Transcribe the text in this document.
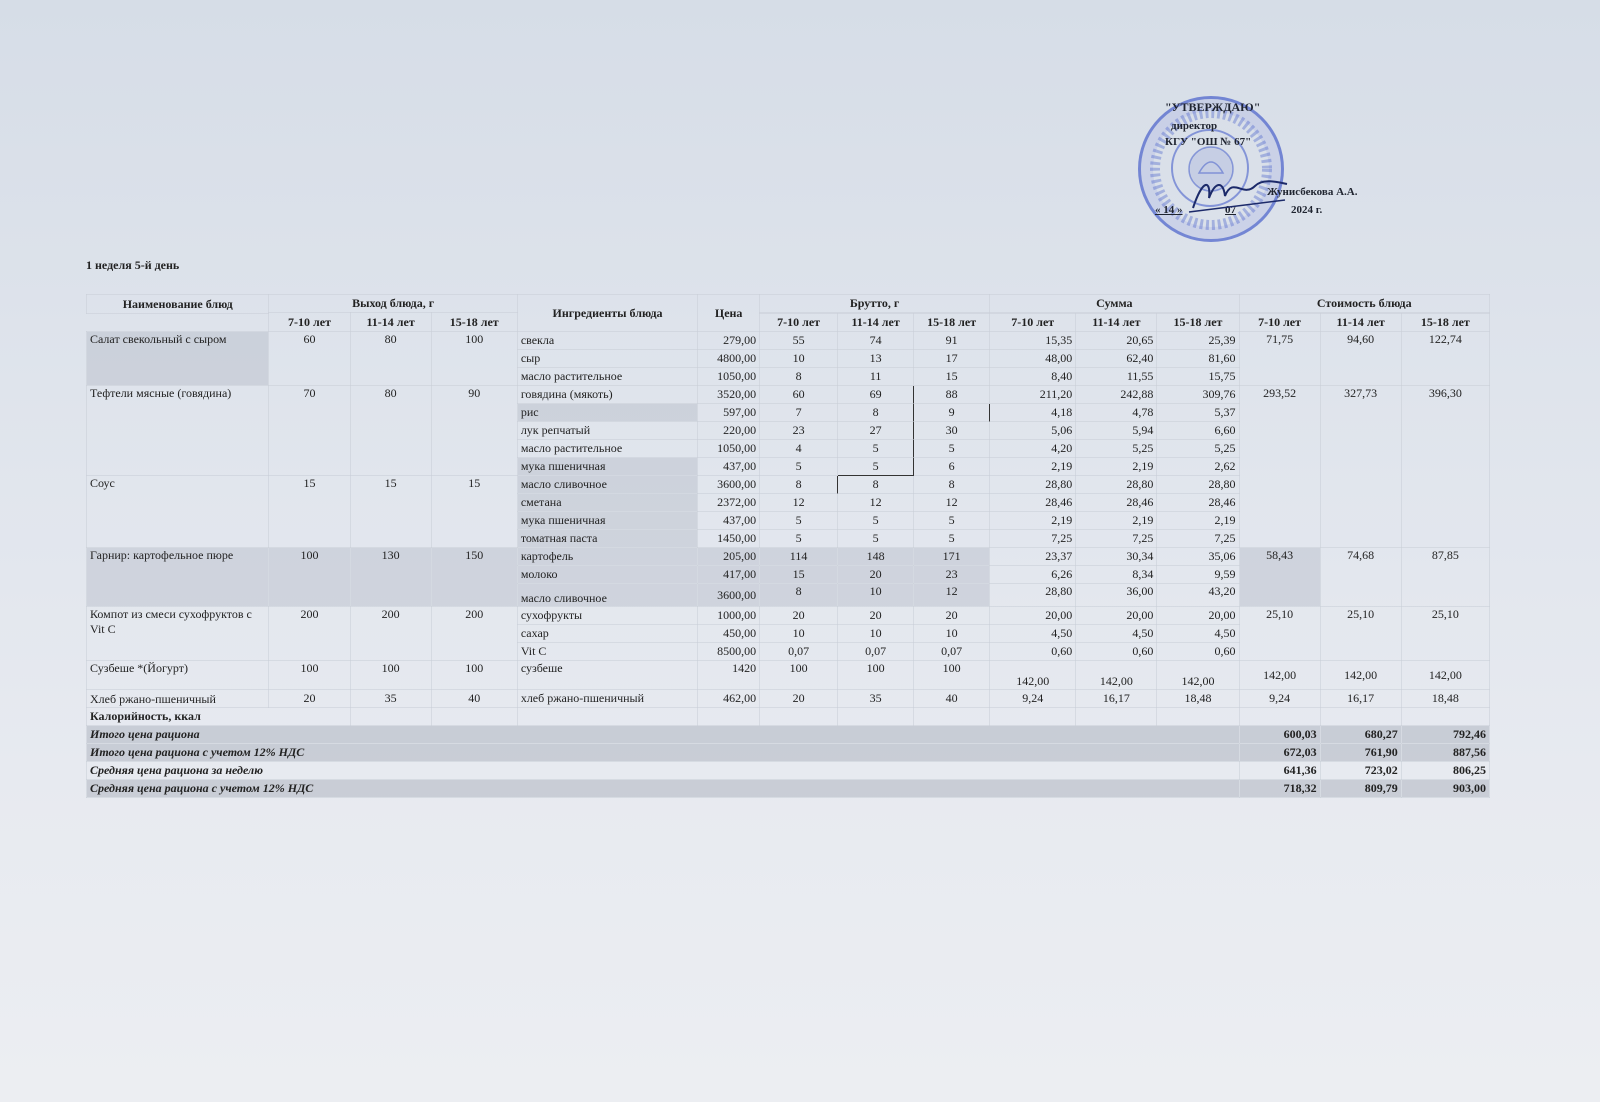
"УТВЕРЖДАЮ"
директор
КГУ "ОШ № 67"
Жунисбекова А.А.
« 14 »	07	2024 г.
1 неделя 5-й день
Наименование блюд	Выход блюда, г			Ингредиенты блюда	Цена	Брутто, г			Сумма			Стоимость блюда		
	7-10 лет	11-14 лет	15-18 лет											
						7-10 лет	11-14 лет	15-18 лет	7-10 лет	11-14 лет	15-18 лет	7-10 лет	11-14 лет	15-18 лет
Салат свекольный с сыром	60	80	100	свекла	279,00	55	74	91	15,35	20,65	25,39	71,75	94,60	122,74
				сыр	4800,00	10	13	17	48,00	62,40	81,60			
				масло растительное	1050,00	8	11	15	8,40	11,55	15,75			
Тефтели мясные (говядина)	70	80	90	говядина (мякоть)	3520,00	60	69	88	211,20	242,88	309,76	293,52	327,73	396,30
				рис	597,00	7	8	9	4,18	4,78	5,37			
				лук репчатый	220,00	23	27	30	5,06	5,94	6,60			
				масло растительное	1050,00	4	5	5	4,20	5,25	5,25			
				мука пшеничная	437,00	5	5	6	2,19	2,19	2,62			
Соус	15	15	15	масло сливочное	3600,00	8	8	8	28,80	28,80	28,80			
				сметана	2372,00	12	12	12	28,46	28,46	28,46			
				мука пшеничная	437,00	5	5	5	2,19	2,19	2,19			
				томатная паста	1450,00	5	5	5	7,25	7,25	7,25			
Гарнир: картофельное пюре	100	130	150	картофель	205,00	114	148	171	23,37	30,34	35,06	58,43	74,68	87,85
				молоко	417,00	15	20	23	6,26	8,34	9,59			
				масло сливочное	3600,00	8	10	12	28,80	36,00	43,20			
Компот из смеси сухофруктов с Vit C	200	200	200	сухофрукты	1000,00	20	20	20	20,00	20,00	20,00	25,10	25,10	25,10
				сахар	450,00	10	10	10	4,50	4,50	4,50			
				Vit C	8500,00	0,07	0,07	0,07	0,60	0,60	0,60			
Сузбеше *(Йогурт)	100	100	100	сузбеше	1420	100	100	100	142,00	142,00	142,00	142,00	142,00	142,00
Хлеб ржано-пшеничный	20	35	40	хлеб ржано-пшеничный	462,00	20	35	40	9,24	16,17	18,48	9,24	16,17	18,48
Калорийность, ккал														
Итого цена рациона												600,03	680,27	792,46
Итого цена рациона с учетом 12% НДС												672,03	761,90	887,56
Средняя цена рациона за неделю												641,36	723,02	806,25
Средняя цена рациона с учетом 12% НДС												718,32	809,79	903,00
